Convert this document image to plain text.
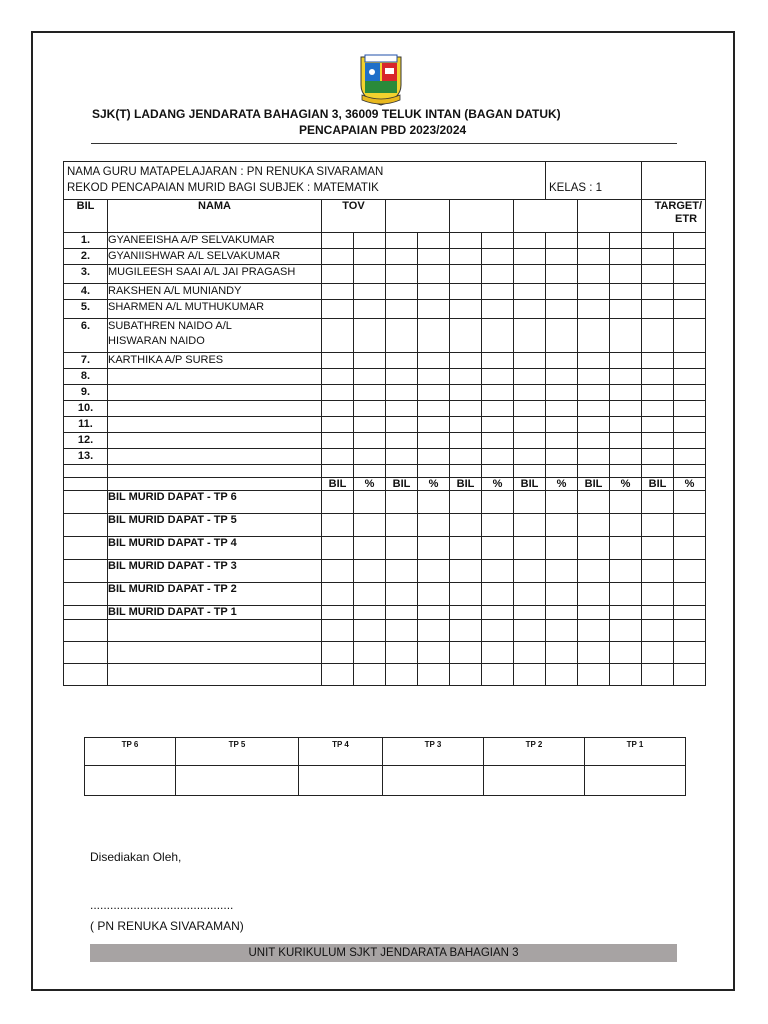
SJK(T) LADANG JENDARATA BAHAGIAN 3, 36009 TELUK INTAN (BAGAN DATUK)
PENCAPAIAN PBD 2023/2024
NAMA GURU MATAPELAJARAN : PN RENUKA SIVARAMAN
REKOD PENCAPAIAN MURID BAGI SUBJEK : MATEMATIK									KELAS : 1				

BIL	NAMA	TOV										TARGET/
ETR	

1.	GYANEEISHA A/P SELVAKUMAR												

2.	GYANIISHWAR A/L SELVAKUMAR												

3.	MUGILEESH SAAI A/L JAI PRAGASH												

4.	RAKSHEN A/L MUNIANDY												

5.	SHARMEN A/L MUTHUKUMAR												

6.	SUBATHREN NAIDO A/L
HISWARAN NAIDO												

7.	KARTHIKA A/P SURES												

8.	

9.	

10.	

11.	

12.	

13.	

		BIL	%	BIL	%	BIL	%	BIL	%	BIL	%	BIL	%
	BIL MURID DAPAT - TP 6												
	BIL MURID DAPAT - TP 5												
	BIL MURID DAPAT - TP 4												
	BIL MURID DAPAT - TP 3												
	BIL MURID DAPAT - TP 2												
	BIL MURID DAPAT - TP 1												

TP 6	TP 5	TP 4	TP 3	TP 2	TP 1

Disediakan Oleh,
...........................................
( PN RENUKA SIVARAMAN)
UNIT KURIKULUM SJKT JENDARATA BAHAGIAN 3
